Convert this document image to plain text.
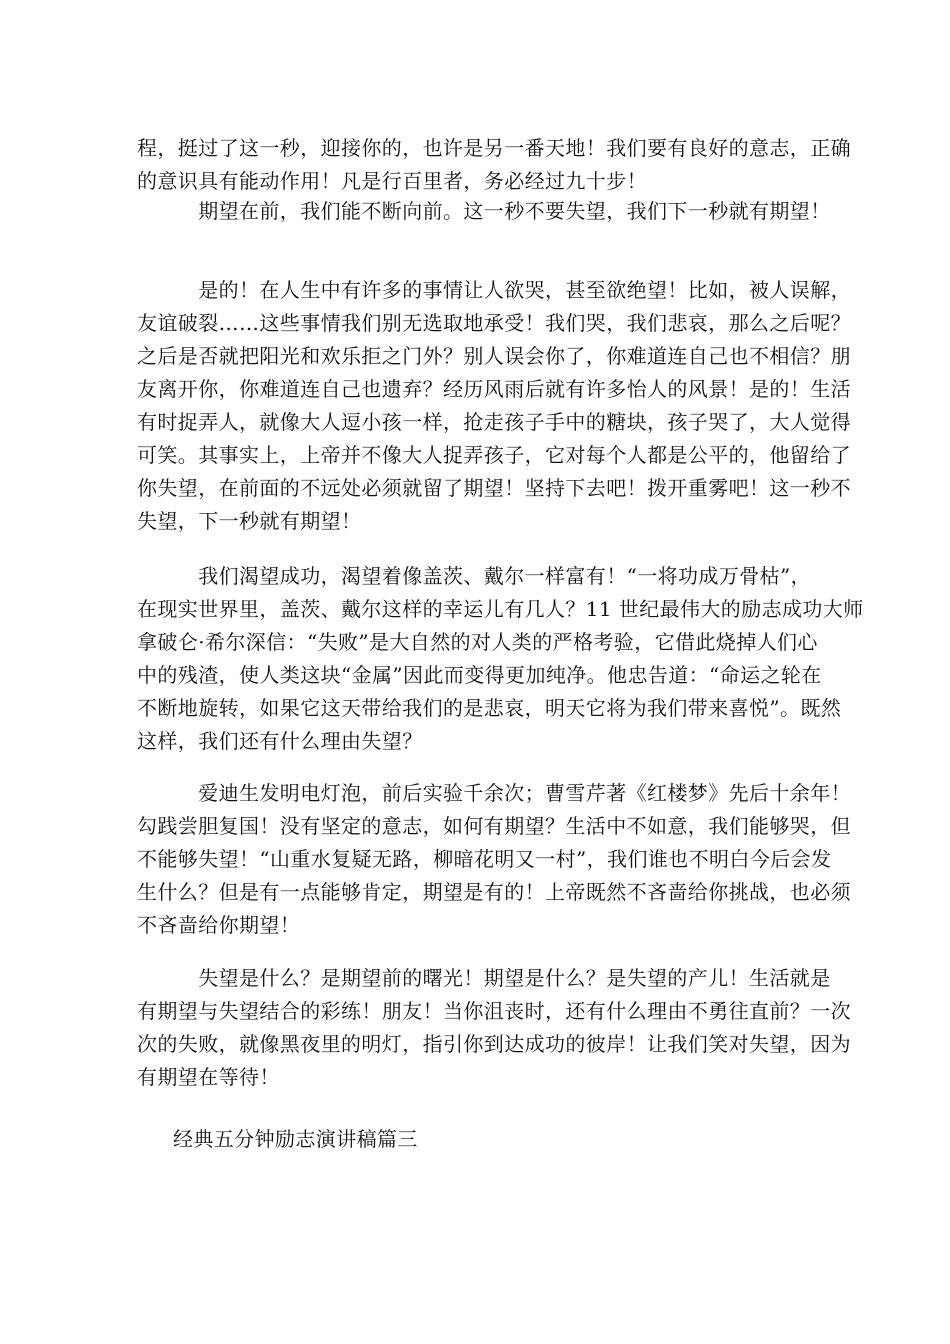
程，挺过了这一秒，迎接你的，也许是另一番天地！我们要有良好的意志，正确
的意识具有能动作用！凡是行百里者，务必经过九十步！

　　　期望在前，我们能不断向前。这一秒不要失望，我们下一秒就有期望！

　　　是的！在人生中有许多的事情让人欲哭，甚至欲绝望！比如，被人误解，
友谊破裂……这些事情我们别无选取地承受！我们哭，我们悲哀，那么之后呢？
之后是否就把阳光和欢乐拒之门外？别人误会你了，你难道连自己也不相信？朋
友离开你，你难道连自己也遗弃？经历风雨后就有许多怡人的风景！是的！生活
有时捉弄人，就像大人逗小孩一样，抢走孩子手中的糖块，孩子哭了，大人觉得
可笑。其事实上，上帝并不像大人捉弄孩子，它对每个人都是公平的，他留给了
你失望，在前面的不远处必须就留了期望！坚持下去吧！拨开重雾吧！这一秒不
失望，下一秒就有期望！

　　　我们渴望成功，渴望着像盖茨、戴尔一样富有！“一将功成万骨枯”，
在现实世界里，盖茨、戴尔这样的幸运儿有几人？11 世纪最伟大的励志成功大师
拿破仑·希尔深信：“失败”是大自然的对人类的严格考验，它借此烧掉人们心
中的残渣，使人类这块“金属”因此而变得更加纯净。他忠告道：“命运之轮在
不断地旋转，如果它这天带给我们的是悲哀，明天它将为我们带来喜悦”。既然
这样，我们还有什么理由失望？

　　　爱迪生发明电灯泡，前后实验千余次；曹雪芹著《红楼梦》先后十余年！
勾践尝胆复国！没有坚定的意志，如何有期望？生活中不如意，我们能够哭，但
不能够失望！“山重水复疑无路，柳暗花明又一村”，我们谁也不明白今后会发
生什么？但是有一点能够肯定，期望是有的！上帝既然不吝啬给你挑战，也必须
不吝啬给你期望！

　　　失望是什么？是期望前的曙光！期望是什么？是失望的产儿！生活就是
有期望与失望结合的彩练！朋友！当你沮丧时，还有什么理由不勇往直前？一次
次的失败，就像黑夜里的明灯，指引你到达成功的彼岸！让我们笑对失望，因为
有期望在等待！

经典五分钟励志演讲稿篇三
